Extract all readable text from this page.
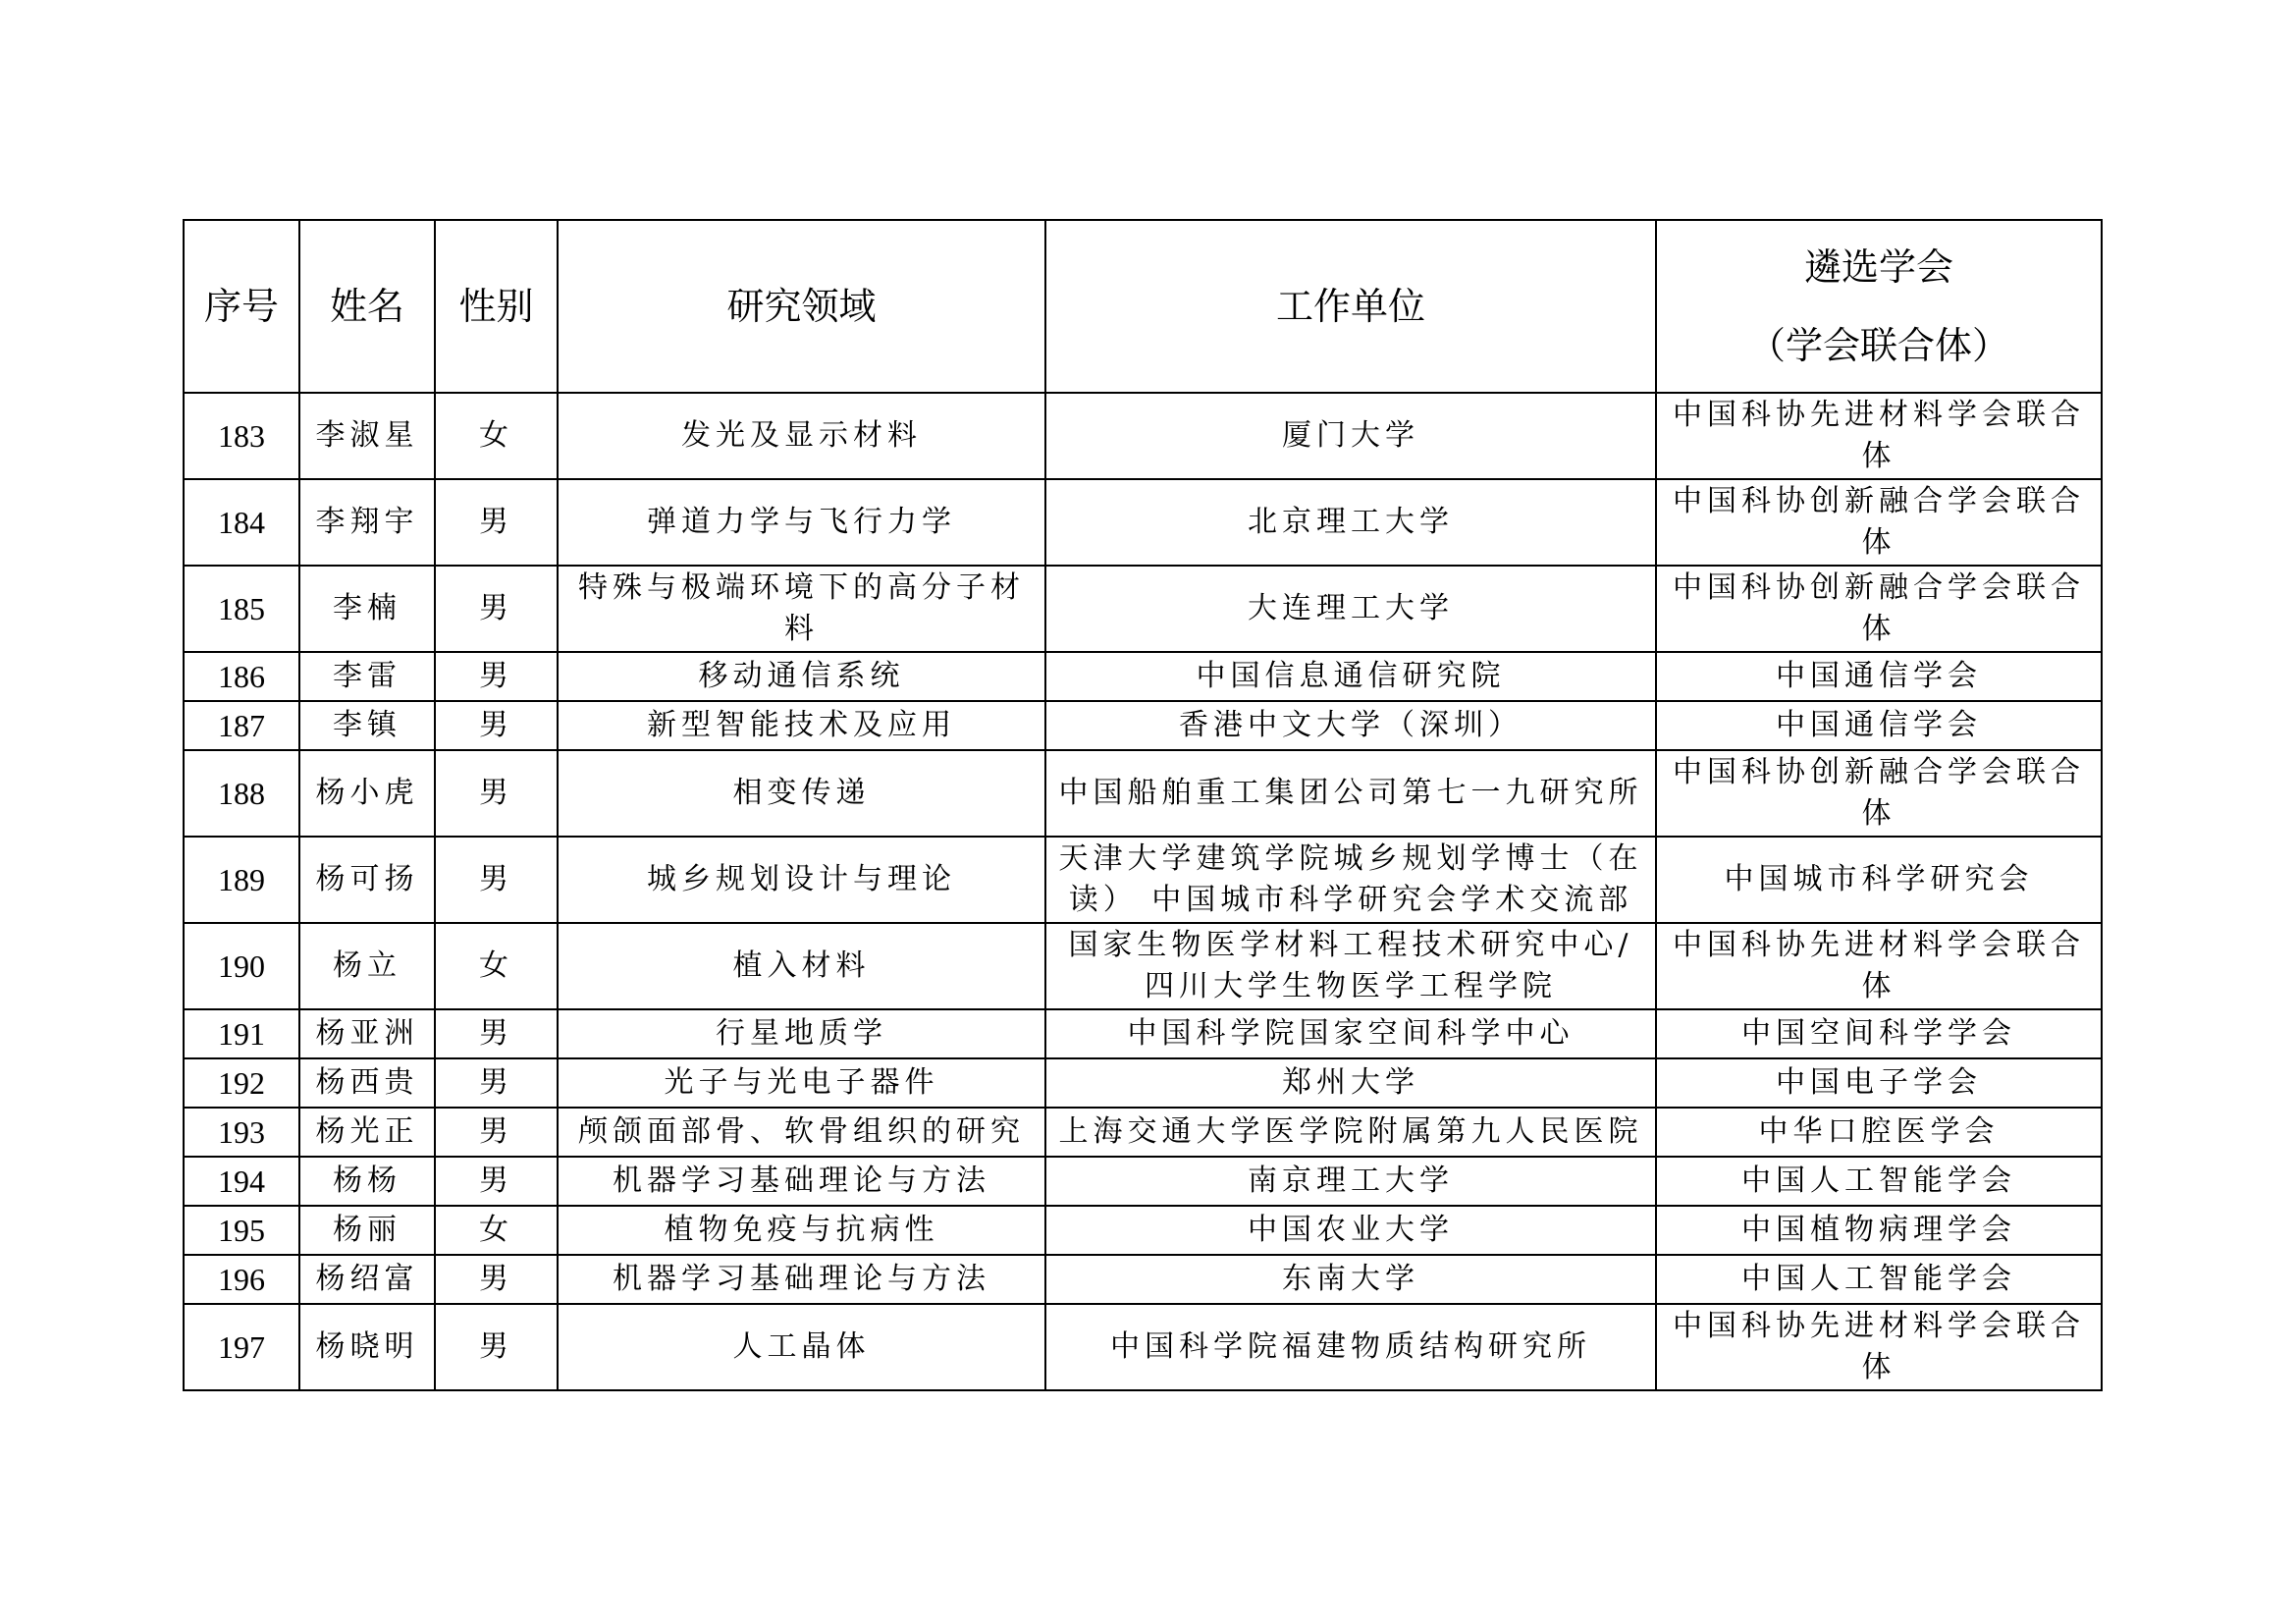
序号	姓名	性别	研究领域	工作单位	遴选学会
（学会联合体）

183	李淑星	女	发光及显示材料	厦门大学	中国科协先进材料学会联合体
184	李翔宇	男	弹道力学与飞行力学	北京理工大学	中国科协创新融合学会联合体
185	李楠	男	特殊与极端环境下的高分子材料	大连理工大学	中国科协创新融合学会联合体
186	李雷	男	移动通信系统	中国信息通信研究院	中国通信学会
187	李镇	男	新型智能技术及应用	香港中文大学（深圳）	中国通信学会
188	杨小虎	男	相变传递	中国船舶重工集团公司第七一九研究所	中国科协创新融合学会联合体
189	杨可扬	男	城乡规划设计与理论	天津大学建筑学院城乡规划学博士（在读） 中国城市科学研究会学术交流部	中国城市科学研究会
190	杨立	女	植入材料	国家生物医学材料工程技术研究中心/四川大学生物医学工程学院	中国科协先进材料学会联合体
191	杨亚洲	男	行星地质学	中国科学院国家空间科学中心	中国空间科学学会
192	杨西贵	男	光子与光电子器件	郑州大学	中国电子学会
193	杨光正	男	颅颌面部骨、软骨组织的研究	上海交通大学医学院附属第九人民医院	中华口腔医学会
194	杨杨	男	机器学习基础理论与方法	南京理工大学	中国人工智能学会
195	杨丽	女	植物免疫与抗病性	中国农业大学	中国植物病理学会
196	杨绍富	男	机器学习基础理论与方法	东南大学	中国人工智能学会
197	杨晓明	男	人工晶体	中国科学院福建物质结构研究所	中国科协先进材料学会联合体
